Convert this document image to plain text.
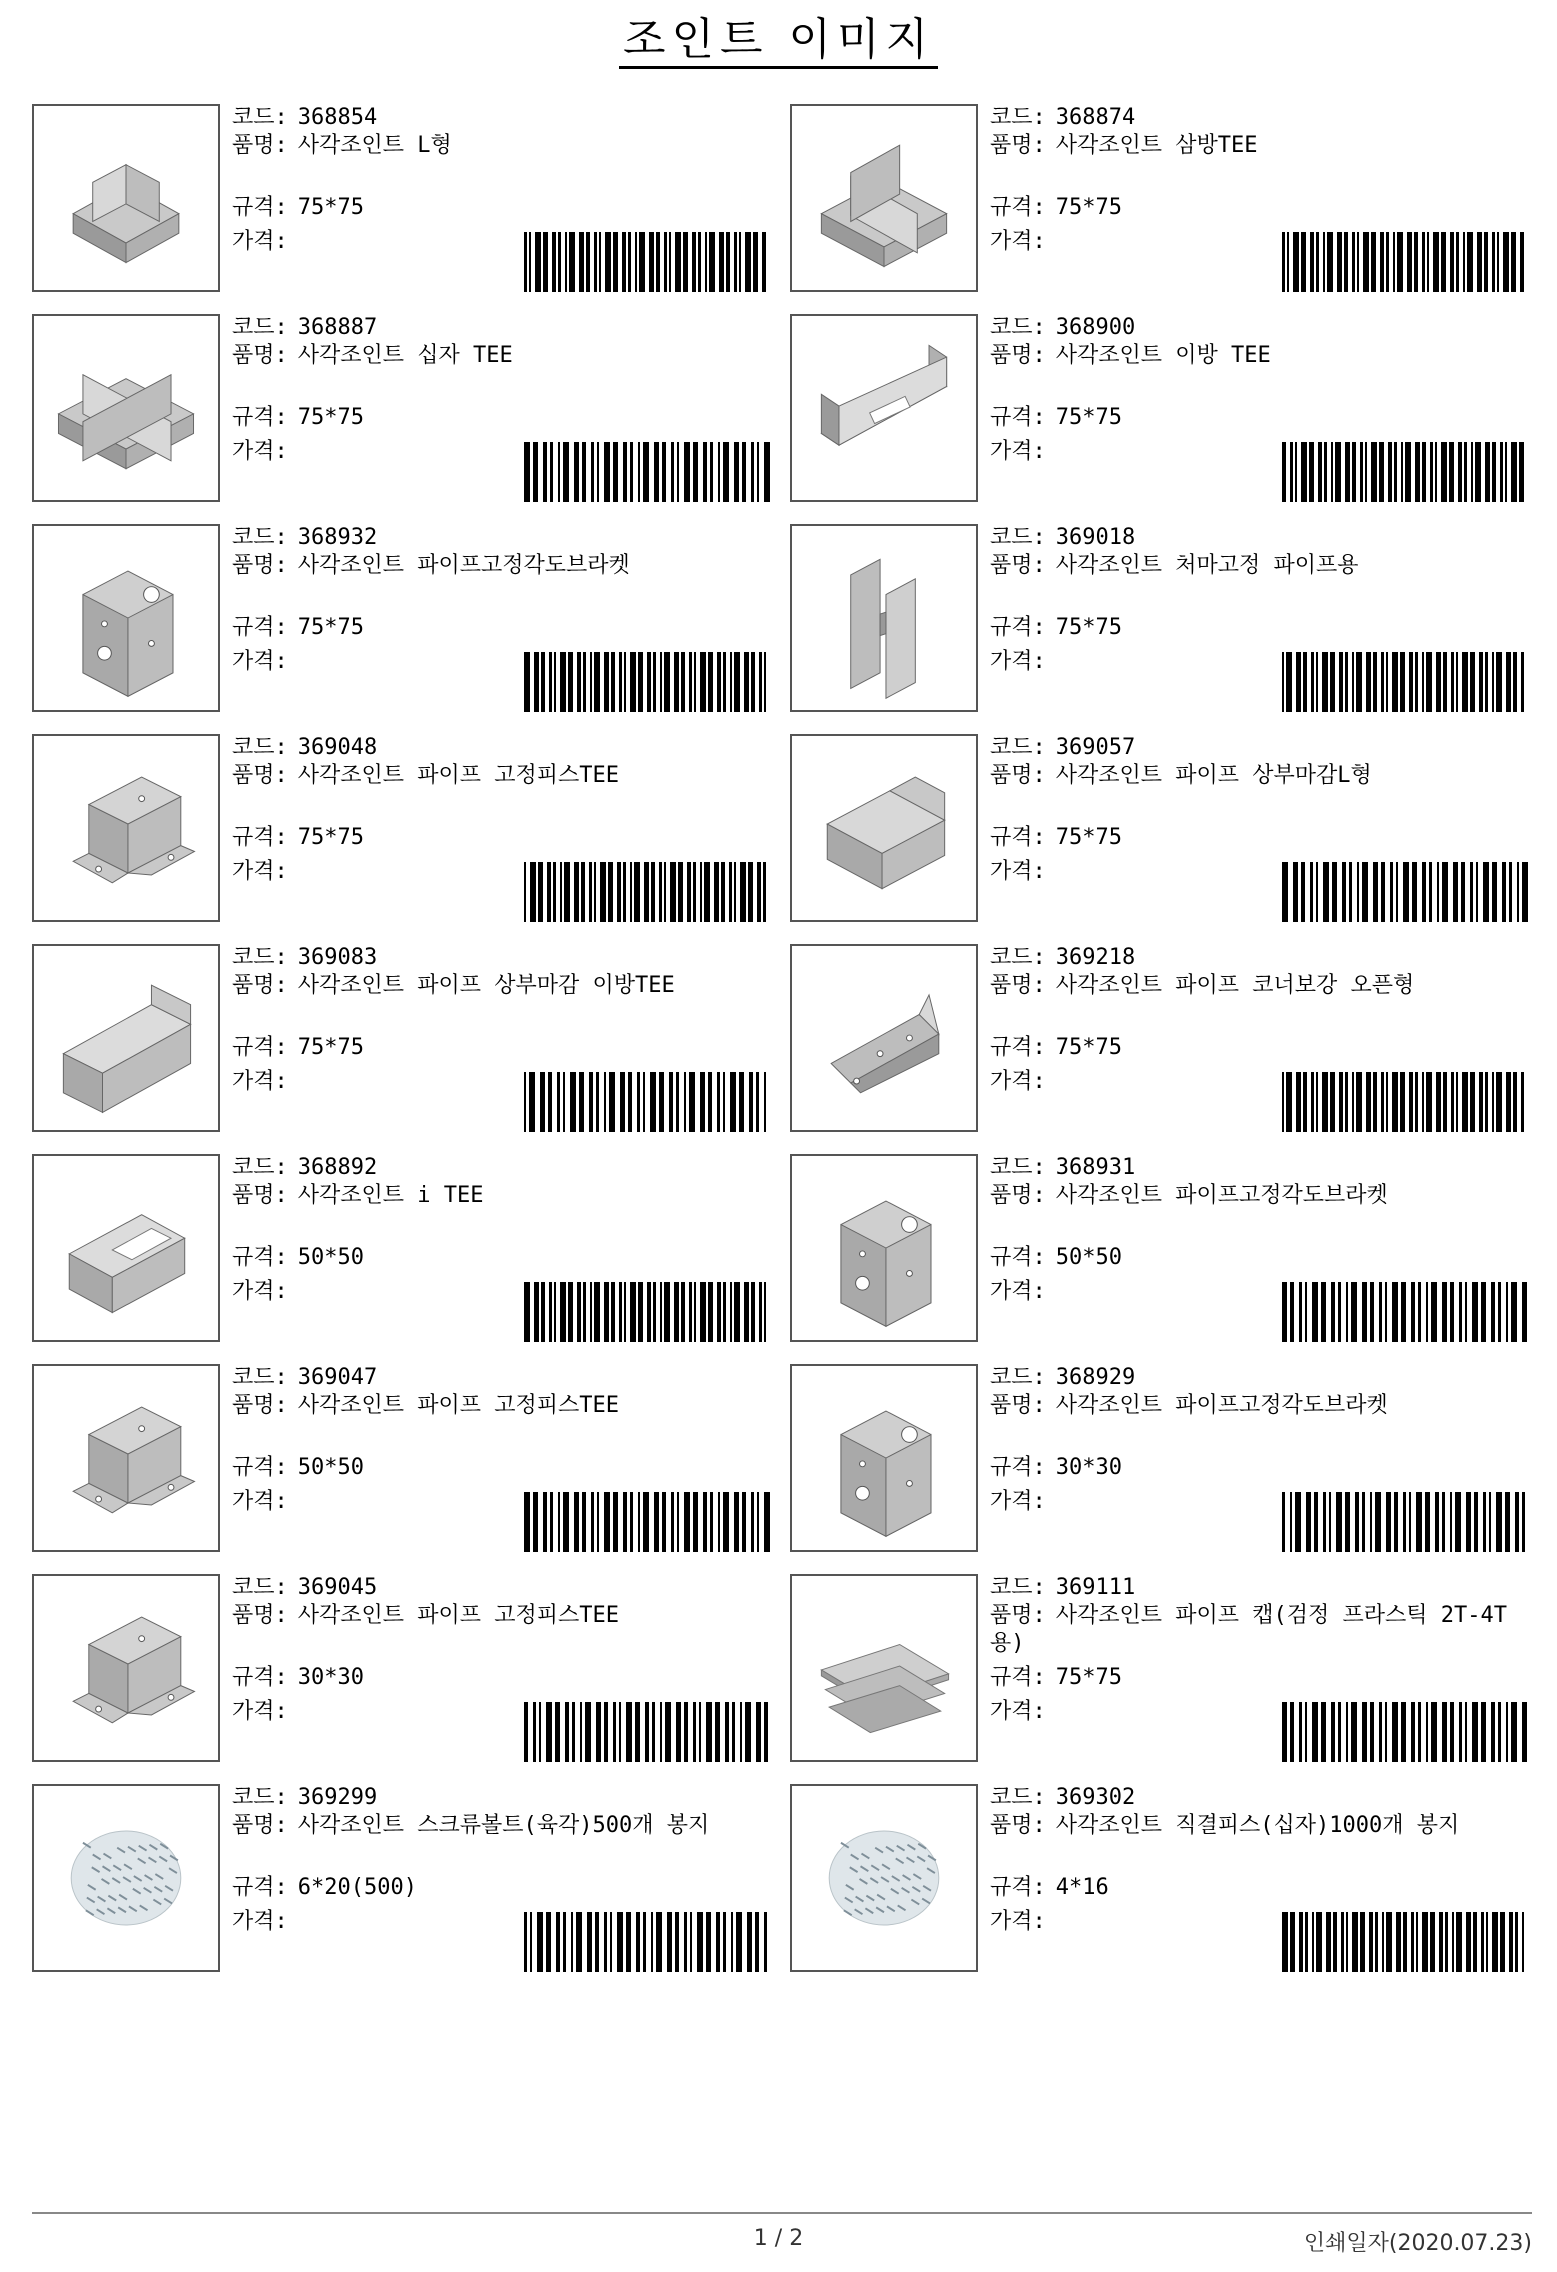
조인트 이미지
코드: 368854
품명: 사각조인트 L형
규격: 75*75
가격:
코드: 368874
품명: 사각조인트 삼방TEE
규격: 75*75
가격:
코드: 368887
품명: 사각조인트 십자 TEE
규격: 75*75
가격:
코드: 368900
품명: 사각조인트 이방 TEE
규격: 75*75
가격:
코드: 368932
품명: 사각조인트 파이프고정각도브라켓
규격: 75*75
가격:
코드: 369018
품명: 사각조인트 처마고정 파이프용
규격: 75*75
가격:
코드: 369048
품명: 사각조인트 파이프 고정피스TEE
규격: 75*75
가격:
코드: 369057
품명: 사각조인트 파이프 상부마감L형
규격: 75*75
가격:
코드: 369083
품명: 사각조인트 파이프 상부마감 이방TEE
규격: 75*75
가격:
코드: 369218
품명: 사각조인트 파이프 코너보강 오픈형
규격: 75*75
가격:
코드: 368892
품명: 사각조인트 i TEE
규격: 50*50
가격:
코드: 368931
품명: 사각조인트 파이프고정각도브라켓
규격: 50*50
가격:
코드: 369047
품명: 사각조인트 파이프 고정피스TEE
규격: 50*50
가격:
코드: 368929
품명: 사각조인트 파이프고정각도브라켓
규격: 30*30
가격:
코드: 369045
품명: 사각조인트 파이프 고정피스TEE
규격: 30*30
가격:
코드: 369111
품명: 사각조인트 파이프 캡(검정 프라스틱 2T-4T용)
규격: 75*75
가격:
코드: 369299
품명: 사각조인트 스크류볼트(육각)500개 봉지
규격: 6*20(500)
가격:
코드: 369302
품명: 사각조인트 직결피스(십자)1000개 봉지
규격: 4*16
가격:
1 / 2	인쇄일자(2020.07.23)
